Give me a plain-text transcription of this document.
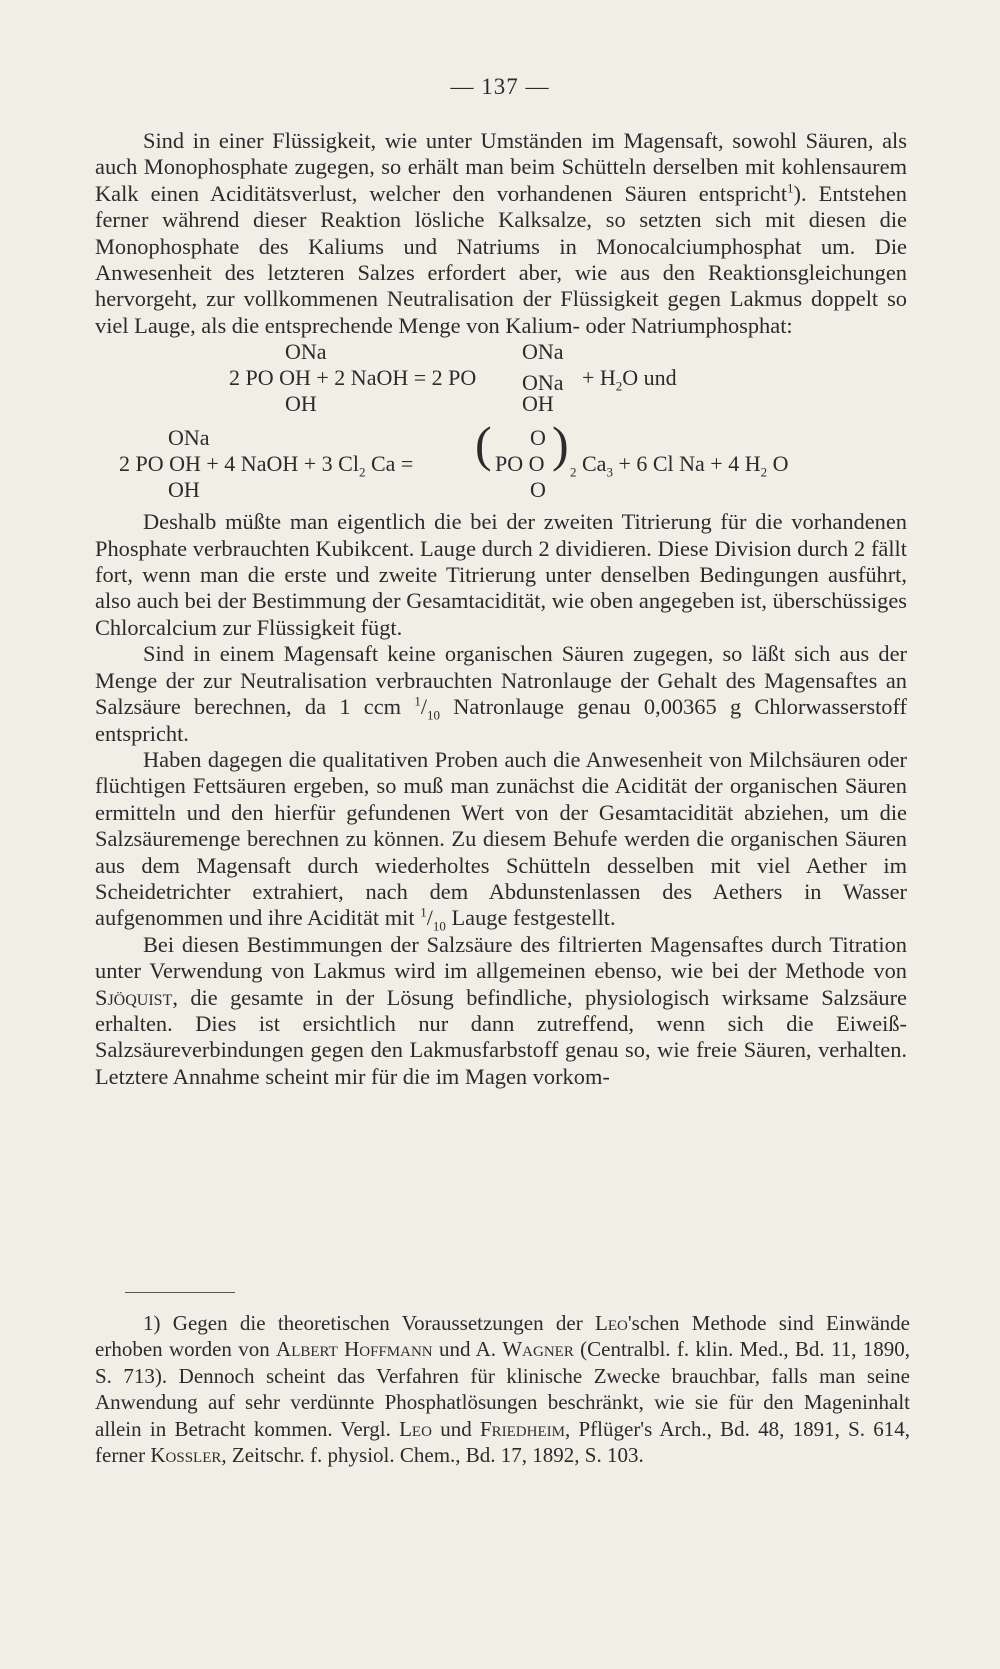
— 137 —

Sind in einer Flüssigkeit, wie unter Umständen im Magensaft, sowohl Säuren, als auch Monophosphate zugegen, so erhält man beim Schütteln derselben mit kohlensaurem Kalk einen Aciditätsverlust, welcher den vorhandenen Säuren entspricht$^1$). Entstehen ferner während dieser Reaktion lösliche Kalksalze, so setzten sich mit diesen die Monophosphate des Kaliums und Natriums in Monocalciumphosphat um. Die Anwesenheit des letzteren Salzes erfordert aber, wie aus den Reaktionsgleichungen hervorgeht, zur vollkommenen Neutralisation der Flüssigkeit gegen Lakmus doppelt so viel Lauge, als die entsprechende Menge von Kalium- oder Natriumphosphat:

ONa	ONa
2 PO OH + 2 NaOH = 2 PO ONa + $H_2O$ und
OH	OH
ONa	O
2 PO OH + 4 NaOH + 3 $Cl_2$ Ca = ( PO O ) $_2$ $Ca_3 + 6$ Cl Na + 4 $H_2$ O
OH	O

Deshalb müßte man eigentlich die bei der zweiten Titrierung für die vorhandenen Phosphate verbrauchten Kubikcent. Lauge durch 2 dividieren. Diese Division durch 2 fällt fort, wenn man die erste und zweite Titrierung unter denselben Bedingungen ausführt, also auch bei der Bestimmung der Gesamtacidität, wie oben angegeben ist, überschüssiges Chlorcalcium zur Flüssigkeit fügt.

Sind in einem Magensaft keine organischen Säuren zugegen, so läßt sich aus der Menge der zur Neutralisation verbrauchten Natronlauge der Gehalt des Magensaftes an Salzsäure berechnen, da 1 ccm $^1/_{10}$ Natronlauge genau 0,00365 g Chlorwasserstoff entspricht.

Haben dagegen die qualitativen Proben auch die Anwesenheit von Milchsäuren oder flüchtigen Fettsäuren ergeben, so muß man zunächst die Acidität der organischen Säuren ermitteln und den hierfür gefundenen Wert von der Gesamtacidität abziehen, um die Salzsäuremenge berechnen zu können. Zu diesem Behufe werden die organischen Säuren aus dem Magensaft durch wiederholtes Schütteln desselben mit viel Aether im Scheidetrichter extrahiert, nach dem Abdunstenlassen des Aethers in Wasser aufgenommen und ihre Acidität mit $^1/_{10}$ Lauge festgestellt.

Bei diesen Bestimmungen der Salzsäure des filtrierten Magensaftes durch Titration unter Verwendung von Lakmus wird im allgemeinen ebenso, wie bei der Methode von Sjöquist, die gesamte in der Lösung befindliche, physiologisch wirksame Salzsäure erhalten. Dies ist ersichtlich nur dann zutreffend, wenn sich die Eiweiß-Salzsäureverbindungen gegen den Lakmusfarbstoff genau so, wie freie Säuren, verhalten. Letztere Annahme scheint mir für die im Magen vorkom-

1) Gegen die theoretischen Voraussetzungen der Leo'schen Methode sind Einwände erhoben worden von Albert Hoffmann und A. Wagner (Centralbl. f. klin. Med., Bd. 11, 1890, S. 713). Dennoch scheint das Verfahren für klinische Zwecke brauchbar, falls man seine Anwendung auf sehr verdünnte Phosphatlösungen beschränkt, wie sie für den Mageninhalt allein in Betracht kommen. Vergl. Leo und Friedheim, Pflüger's Arch., Bd. 48, 1891, S. 614, ferner Kossler, Zeitschr. f. physiol. Chem., Bd. 17, 1892, S. 103.
